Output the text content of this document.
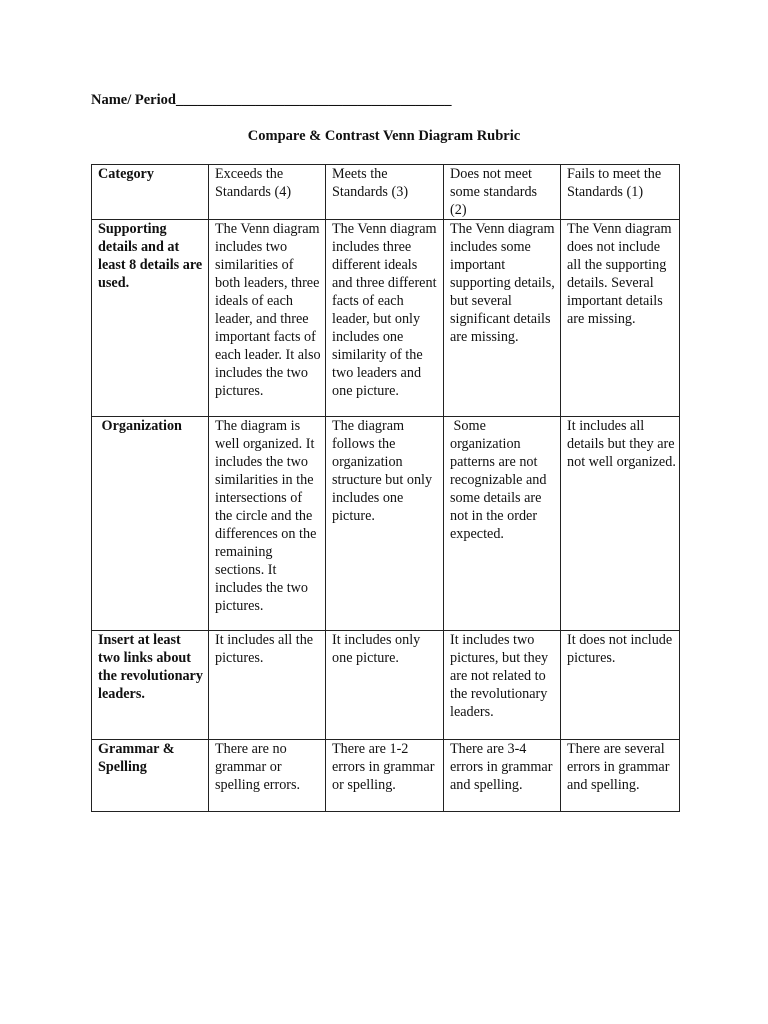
Name/ Period______________________________________
Compare & Contrast Venn Diagram Rubric
Category	Exceeds the Standards (4)	Meets the Standards (3)	Does not meet some standards (2)	Fails to meet the Standards (1)
Supporting details and at least 8 details are used.	The Venn diagram includes two similarities of both leaders, three ideals of each leader, and three important facts of each leader. It also includes the two pictures.	The Venn diagram includes three different ideals and three different facts of each leader, but only includes one similarity of the two leaders and one picture.	The Venn diagram includes some important supporting details, but several significant details are missing.	The Venn diagram does not include all the supporting details. Several important details are missing.
Organization	The diagram is well organized. It includes the two similarities in the intersections of the circle and the differences on the remaining sections. It includes the two pictures.	The diagram follows the organization structure but only includes one picture.	Some organization patterns are not recognizable and some details are not in the order expected.	It includes all details but they are not well organized.
Insert at least two links about the revolutionary leaders.	It includes all the pictures.	It includes only one picture.	It includes two pictures, but they are not related to the revolutionary leaders.	It does not include pictures.
Grammar & Spelling	There are no grammar or spelling errors.	There are 1-2 errors in grammar or spelling.	There are 3-4 errors in grammar and spelling.	There are several errors in grammar and spelling.
